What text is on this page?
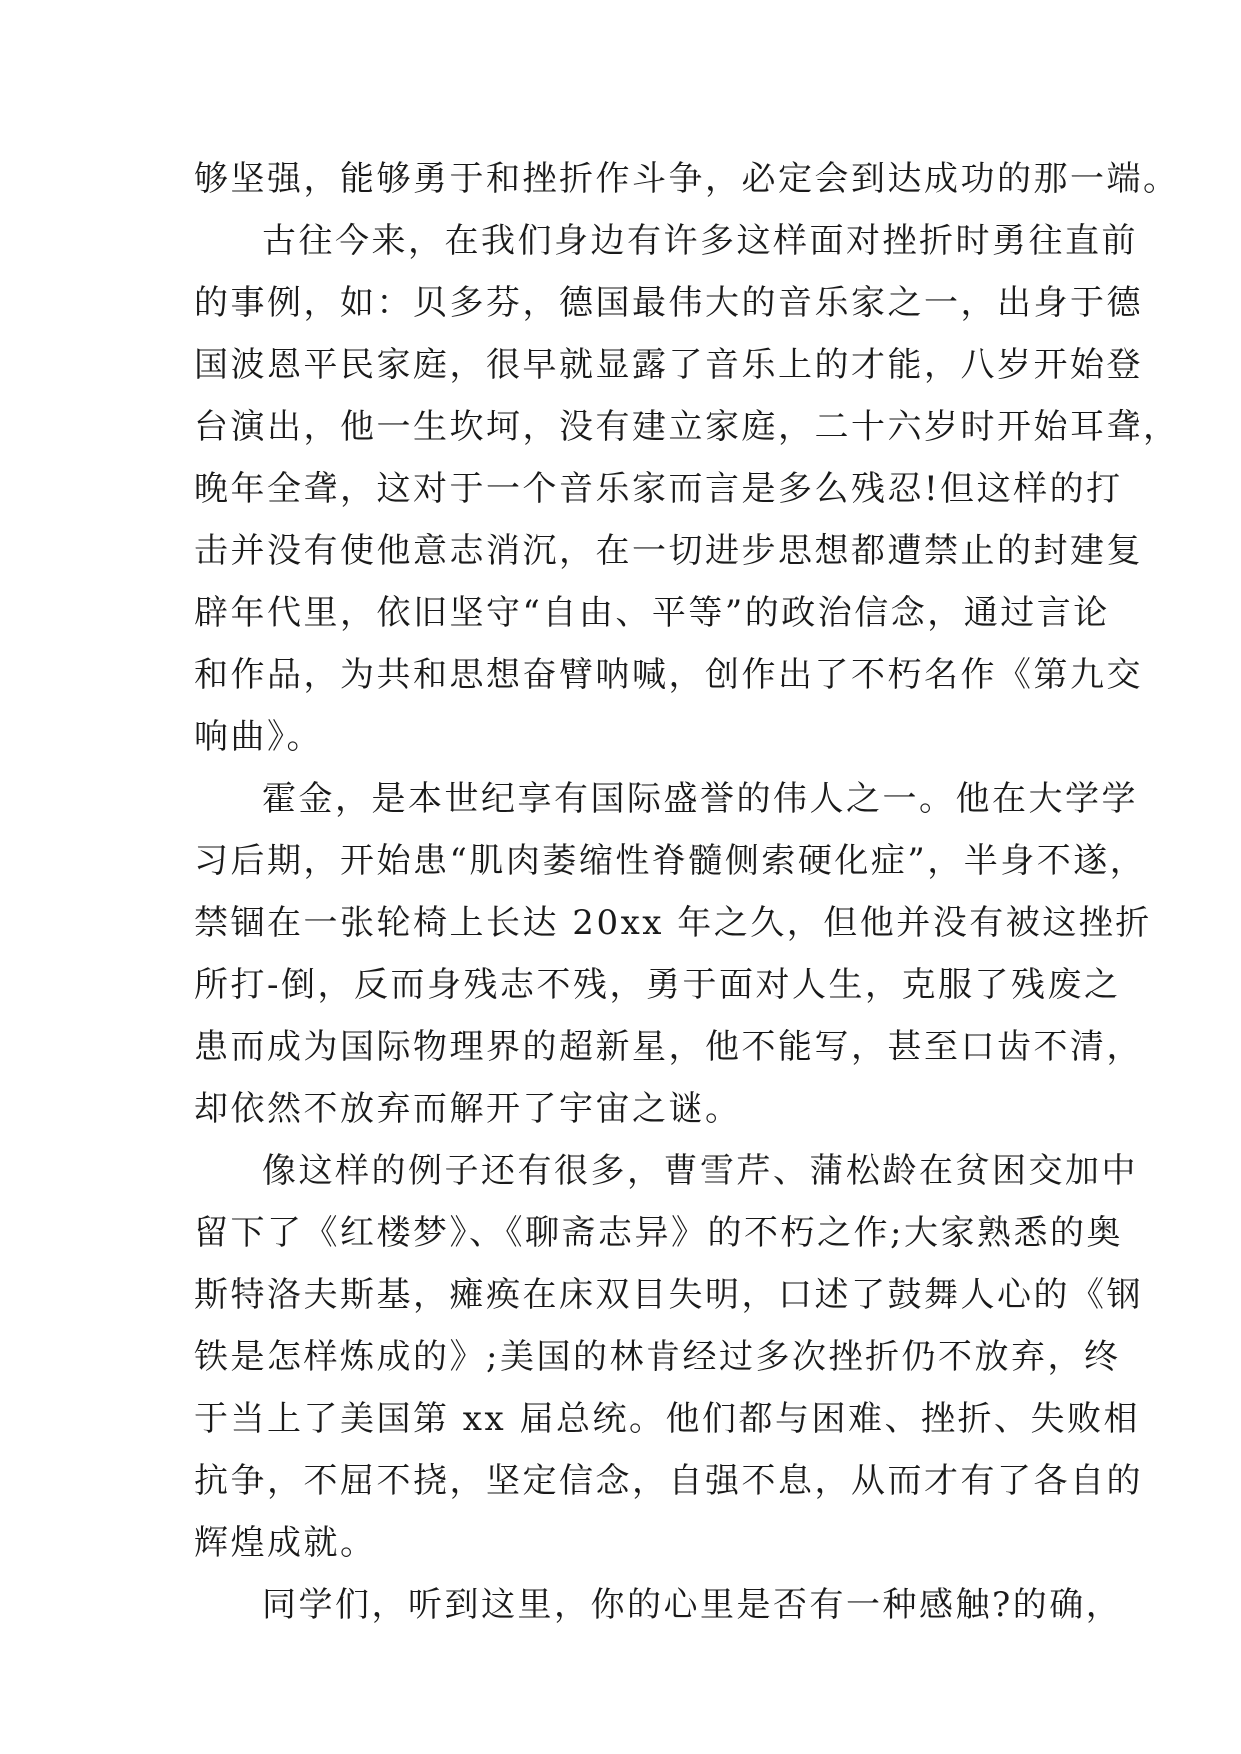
够坚强，能够勇于和挫折作斗争，必定会到达成功的那一端。
古往今来，在我们身边有许多这样面对挫折时勇往直前
的事例，如：贝多芬，德国最伟大的音乐家之一，出身于德
国波恩平民家庭，很早就显露了音乐上的才能，八岁开始登
台演出，他一生坎坷，没有建立家庭，二十六岁时开始耳聋，
晚年全聋，这对于一个音乐家而言是多么残忍!但这样的打
击并没有使他意志消沉，在一切进步思想都遭禁止的封建复
辟年代里，依旧坚守“自由、平等”的政治信念，通过言论
和作品，为共和思想奋臂呐喊，创作出了不朽名作《第九交
响曲》。
霍金，是本世纪享有国际盛誉的伟人之一。他在大学学
习后期，开始患“肌肉萎缩性脊髓侧索硬化症”，半身不遂，
禁锢在一张轮椅上长达 20xx 年之久，但他并没有被这挫折
所打-倒，反而身残志不残，勇于面对人生，克服了残废之
患而成为国际物理界的超新星，他不能写，甚至口齿不清，
却依然不放弃而解开了宇宙之谜。
像这样的例子还有很多，曹雪芹、蒲松龄在贫困交加中
留下了《红楼梦》、《聊斋志异》的不朽之作;大家熟悉的奥
斯特洛夫斯基，瘫痪在床双目失明，口述了鼓舞人心的《钢
铁是怎样炼成的》;美国的林肯经过多次挫折仍不放弃，终
于当上了美国第 xx 届总统。他们都与困难、挫折、失败相
抗争，不屈不挠，坚定信念，自强不息，从而才有了各自的
辉煌成就。
同学们，听到这里，你的心里是否有一种感触?的确，
